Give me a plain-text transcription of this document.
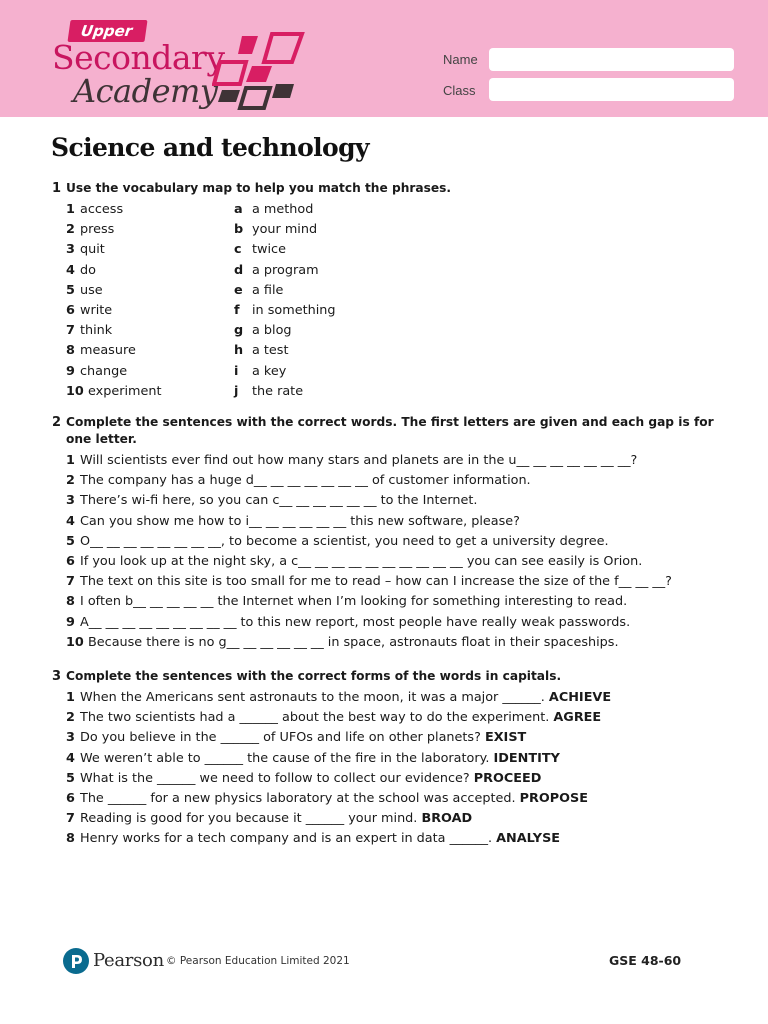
Upper
Secondary
Academy
Name
Class
Science and technology
1 Use the vocabulary map to help you match the phrases.
1 access	a a method
2 press	b your mind
3 quit	c twice
4 do	d a program
5 use	e a file
6 write	f in something
7 think	g a blog
8 measure	h a test
9 change	i a key
10 experiment	j the rate
2 Complete the sentences with the correct words. The first letters are given and each gap is for one letter.
1 Will scientists ever find out how many stars and planets are in the u__ __ __ __ __ __ __?
2 The company has a huge d__ __ __ __ __ __ __ of customer information.
3 There’s wi-fi here, so you can c__ __ __ __ __ __ to the Internet.
4 Can you show me how to i__ __ __ __ __ __ this new software, please?
5 O__ __ __ __ __ __ __ __, to become a scientist, you need to get a university degree.
6 If you look up at the night sky, a c__ __ __ __ __ __ __ __ __ __ you can see easily is Orion.
7 The text on this site is too small for me to read – how can I increase the size of the f__ __ __?
8 I often b__ __ __ __ __ the Internet when I’m looking for something interesting to read.
9 A__ __ __ __ __ __ __ __ __ to this new report, most people have really weak passwords.
10 Because there is no g__ __ __ __ __ __ in space, astronauts float in their spaceships.
3 Complete the sentences with the correct forms of the words in capitals.
1 When the Americans sent astronauts to the moon, it was a major ______. ACHIEVE
2 The two scientists had a ______ about the best way to do the experiment. AGREE
3 Do you believe in the ______ of UFOs and life on other planets? EXIST
4 We weren’t able to ______ the cause of the fire in the laboratory. IDENTITY
5 What is the ______ we need to follow to collect our evidence? PROCEED
6 The ______ for a new physics laboratory at the school was accepted. PROPOSE
7 Reading is good for you because it ______ your mind. BROAD
8 Henry works for a tech company and is an expert in data ______. ANALYSE
Pearson © Pearson Education Limited 2021	GSE 48-60
